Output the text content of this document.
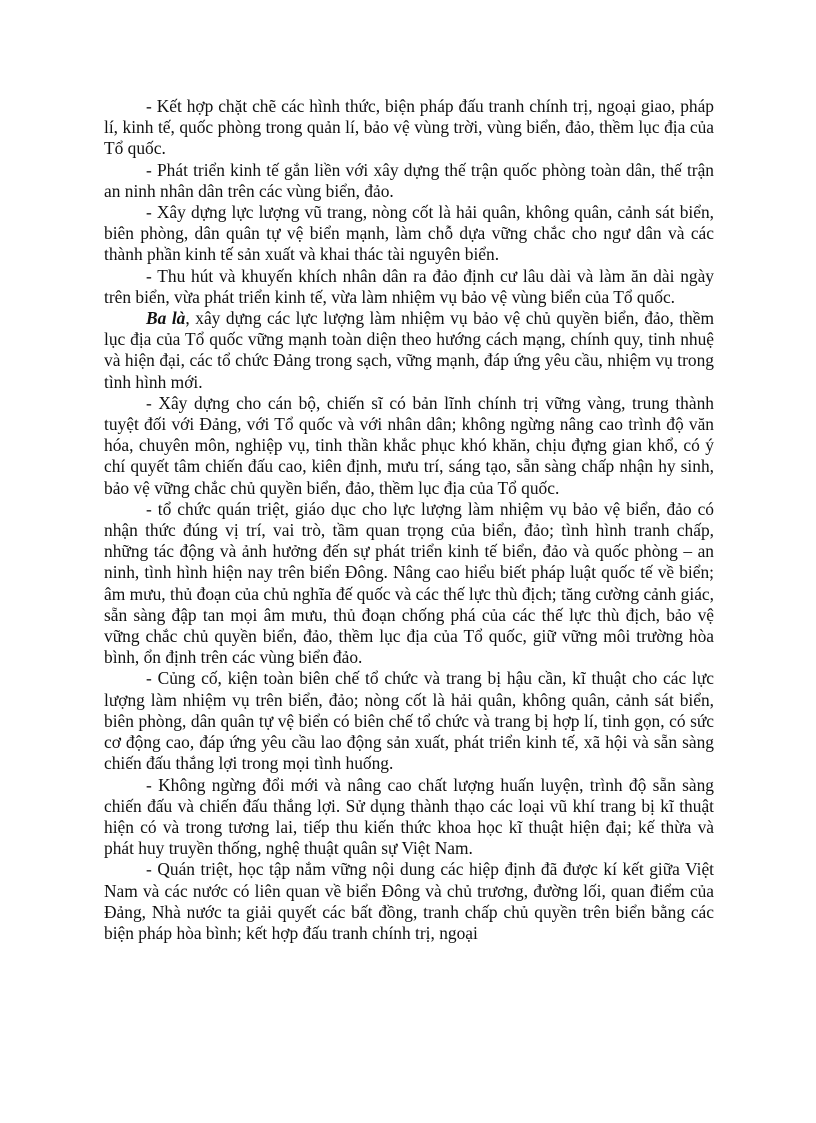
- Kết hợp chặt chẽ các hình thức, biện pháp đấu tranh chính trị, ngoại giao, pháp lí, kinh tế, quốc phòng trong quản lí, bảo vệ vùng trời, vùng biển, đảo, thềm lục địa của Tổ quốc.

- Phát triển kinh tế gắn liền với xây dựng thế trận quốc phòng toàn dân, thế trận an ninh nhân dân trên các vùng biển, đảo.

- Xây dựng lực lượng vũ trang, nòng cốt là hải quân, không quân, cảnh sát biển, biên phòng, dân quân tự vệ biển mạnh, làm chỗ dựa vững chắc cho ngư dân và các thành phần kinh tế sản xuất và khai thác tài nguyên biển.

- Thu hút và khuyến khích nhân dân ra đảo định cư lâu dài và làm ăn dài ngày trên biển, vừa phát triển kinh tế, vừa làm nhiệm vụ bảo vệ vùng biển của Tổ quốc.

Ba là, xây dựng các lực lượng làm nhiệm vụ bảo vệ chủ quyền biển, đảo, thềm lục địa của Tổ quốc vững mạnh toàn diện theo hướng cách mạng, chính quy, tinh nhuệ và hiện đại, các tổ chức Đảng trong sạch, vững mạnh, đáp ứng yêu cầu, nhiệm vụ trong tình hình mới.

- Xây dựng cho cán bộ, chiến sĩ có bản lĩnh chính trị vững vàng, trung thành tuyệt đối với Đảng, với Tổ quốc và với nhân dân; không ngừng nâng cao trình độ văn hóa, chuyên môn, nghiệp vụ, tinh thần khắc phục khó khăn, chịu đựng gian khổ, có ý chí quyết tâm chiến đấu cao, kiên định, mưu trí, sáng tạo, sẵn sàng chấp nhận hy sinh, bảo vệ vững chắc chủ quyền biển, đảo, thềm lục địa của Tổ quốc.

- tổ chức quán triệt, giáo dục cho lực lượng làm nhiệm vụ bảo vệ biển, đảo có nhận thức đúng vị trí, vai trò, tầm quan trọng của biển, đảo; tình hình tranh chấp, những tác động và ảnh hưởng đến sự phát triển kinh tế biển, đảo và quốc phòng – an ninh, tình hình hiện nay trên biển Đông. Nâng cao hiểu biết pháp luật quốc tế về biển; âm mưu, thủ đoạn của chủ nghĩa đế quốc và các thế lực thù địch; tăng cường cảnh giác, sẵn sàng đập tan mọi âm mưu, thủ đoạn chống phá của các thế lực thù địch, bảo vệ vững chắc chủ quyền biển, đảo, thềm lục địa của Tổ quốc, giữ vững môi trường hòa bình, ổn định trên các vùng biển đảo.

- Củng cố, kiện toàn biên chế tổ chức và trang bị hậu cần, kĩ thuật cho các lực lượng làm nhiệm vụ trên biển, đảo; nòng cốt là hải quân, không quân, cảnh sát biển, biên phòng, dân quân tự vệ biển có biên chế tổ chức và trang bị hợp lí, tinh gọn, có sức cơ động cao, đáp ứng yêu cầu lao động sản xuất, phát triển kinh tế, xã hội và sẵn sàng chiến đấu thắng lợi trong mọi tình huống.

- Không ngừng đổi mới và nâng cao chất lượng huấn luyện, trình độ sẵn sàng chiến đấu và chiến đấu thắng lợi. Sử dụng thành thạo các loại vũ khí trang bị kĩ thuật hiện có và trong tương lai, tiếp thu kiến thức khoa học kĩ thuật hiện đại; kế thừa và phát huy truyền thống, nghệ thuật quân sự Việt Nam.

- Quán triệt, học tập nắm vững nội dung các hiệp định đã được kí kết giữa Việt Nam và các nước có liên quan về biển Đông và chủ trương, đường lối, quan điểm của Đảng, Nhà nước ta giải quyết các bất đồng, tranh chấp chủ quyền trên biển bằng các biện pháp hòa bình; kết hợp đấu tranh chính trị, ngoại
